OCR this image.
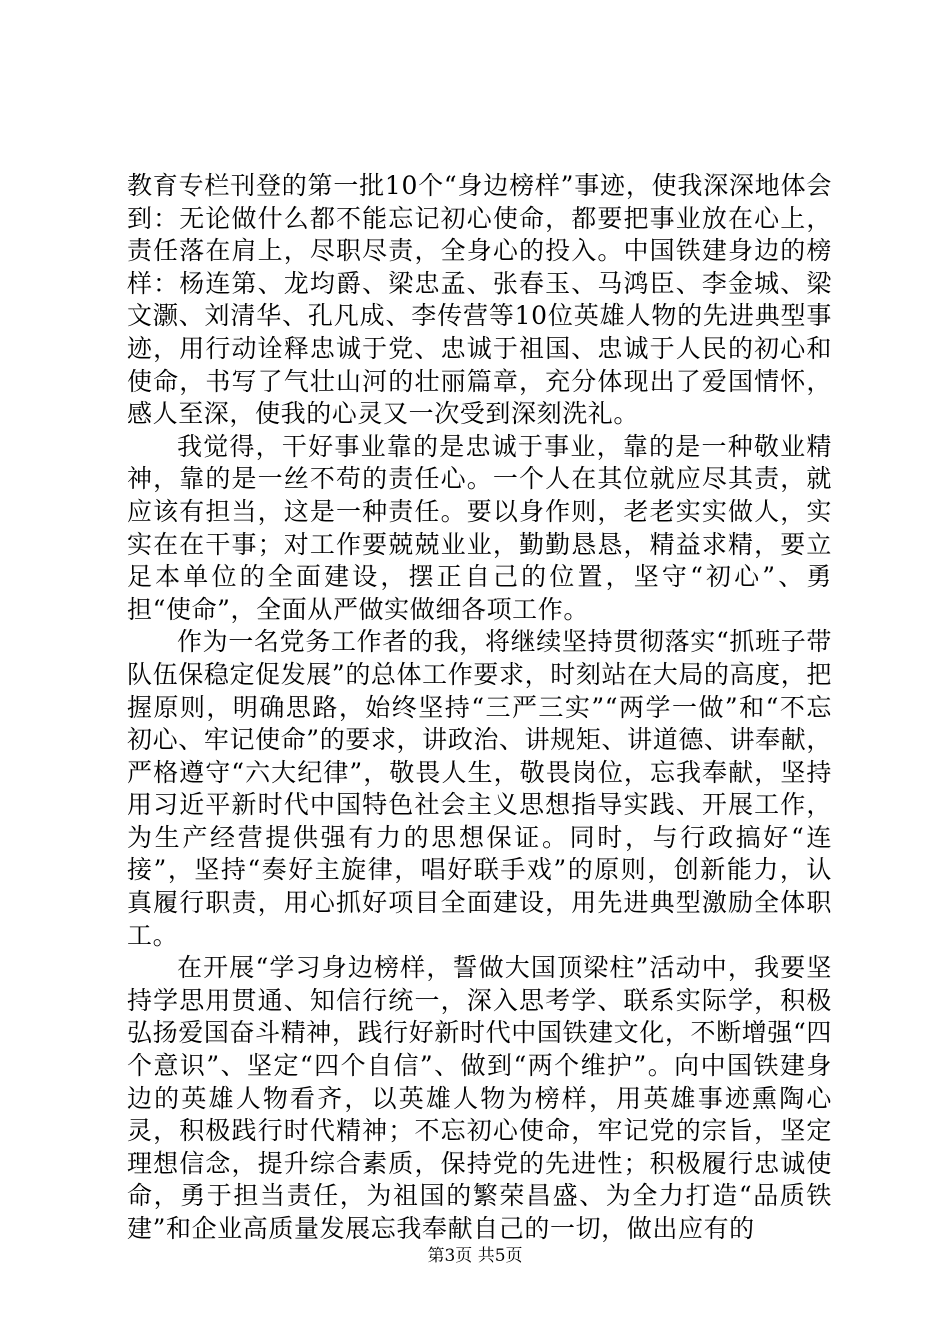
教育专栏刊登的第一批10个“身边榜样”事迹，使我深深地体会到：无论做什么都不能忘记初心使命，都要把事业放在心上，责任落在肩上，尽职尽责，全身心的投入。中国铁建身边的榜样：杨连第、龙均爵、梁忠孟、张春玉、马鸿臣、李金城、梁文灏、刘清华、孔凡成、李传营等10位英雄人物的先进典型事迹，用行动诠释忠诚于党、忠诚于祖国、忠诚于人民的初心和使命，书写了气壮山河的壮丽篇章，充分体现出了爱国情怀，感人至深，使我的心灵又一次受到深刻洗礼。

我觉得，干好事业靠的是忠诚于事业，靠的是一种敬业精神，靠的是一丝不苟的责任心。一个人在其位就应尽其责，就应该有担当，这是一种责任。要以身作则，老老实实做人，实实在在干事；对工作要兢兢业业，勤勤恳恳，精益求精，要立足本单位的全面建设，摆正自己的位置，坚守“初心”、勇担“使命”，全面从严做实做细各项工作。

作为一名党务工作者的我，将继续坚持贯彻落实“抓班子带队伍保稳定促发展”的总体工作要求，时刻站在大局的高度，把握原则，明确思路，始终坚持“三严三实”“两学一做”和“不忘初心、牢记使命”的要求，讲政治、讲规矩、讲道德、讲奉献，严格遵守“六大纪律”，敬畏人生，敬畏岗位，忘我奉献，坚持用习近平新时代中国特色社会主义思想指导实践、开展工作，为生产经营提供强有力的思想保证。同时，与行政搞好“连接”，坚持“奏好主旋律，唱好联手戏”的原则，创新能力，认真履行职责，用心抓好项目全面建设，用先进典型激励全体职工。

在开展“学习身边榜样，誓做大国顶梁柱”活动中，我要坚持学思用贯通、知信行统一，深入思考学、联系实际学，积极弘扬爱国奋斗精神，践行好新时代中国铁建文化，不断增强“四个意识”、坚定“四个自信”、做到“两个维护”。向中国铁建身边的英雄人物看齐，以英雄人物为榜样，用英雄事迹熏陶心灵，积极践行时代精神；不忘初心使命，牢记党的宗旨，坚定理想信念，提升综合素质，保持党的先进性；积极履行忠诚使命，勇于担当责任，为祖国的繁荣昌盛、为全力打造“品质铁建”和企业高质量发展忘我奉献自己的一切，做出应有的

第3页 共5页
